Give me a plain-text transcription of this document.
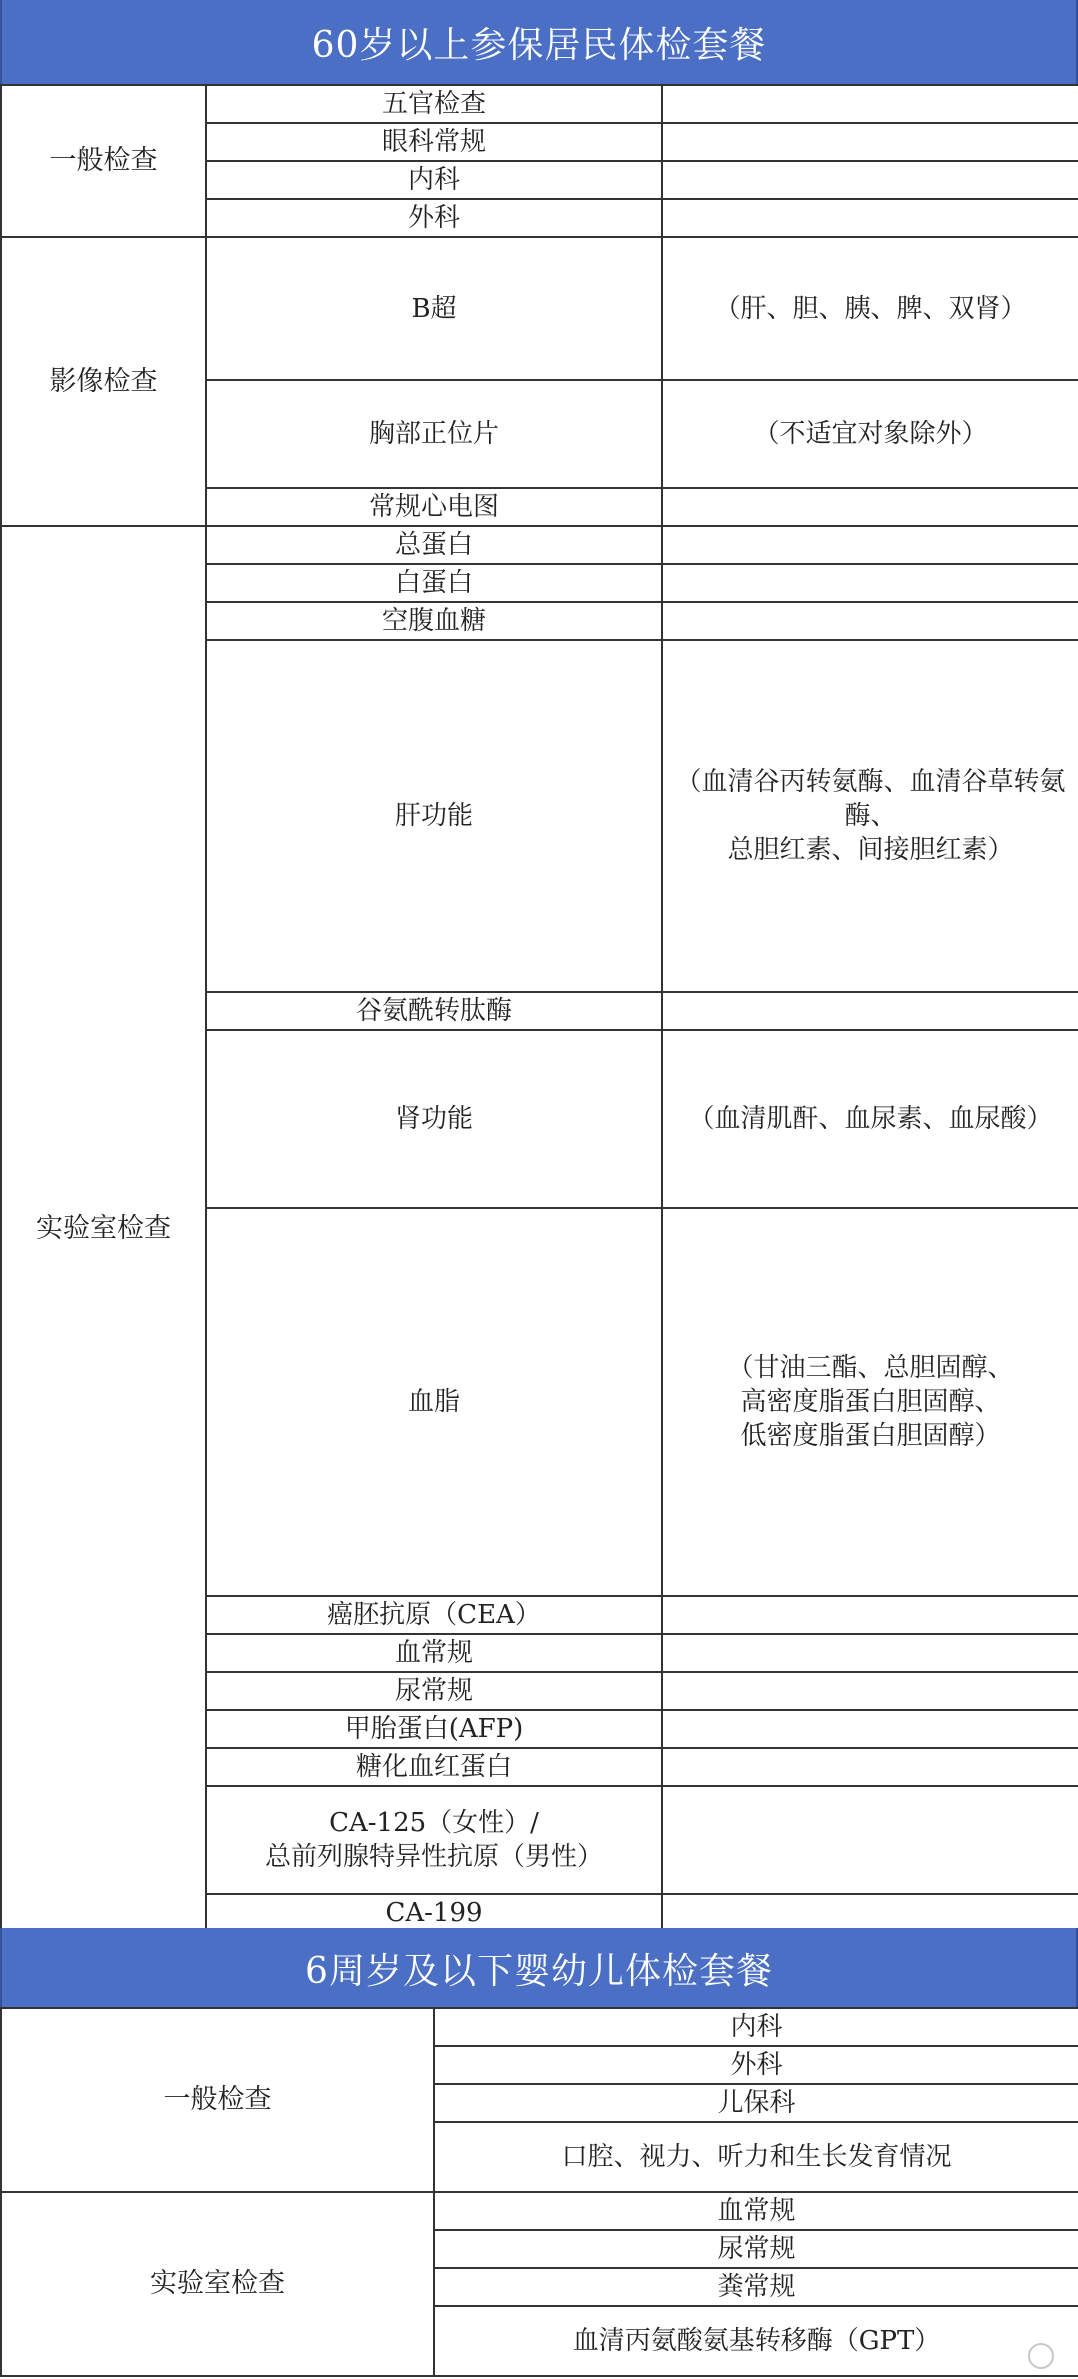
60岁以上参保居民体检套餐
一般检查	五官检查	
	眼科常规	
	内科	
	外科	
影像检查	B超	（肝、胆、胰、脾、双肾）
	胸部正位片	（不适宜对象除外）
	常规心电图	
实验室检查	总蛋白	
	白蛋白	
	空腹血糖	
	肝功能	（血清谷丙转氨酶、血清谷草转氨酶、
总胆红素、间接胆红素）
	谷氨酰转肽酶	
	肾功能	（血清肌酐、血尿素、血尿酸）
	血脂	（甘油三酯、总胆固醇、
高密度脂蛋白胆固醇、
低密度脂蛋白胆固醇）
	癌胚抗原（CEA）	
	血常规	
	尿常规	
	甲胎蛋白(AFP)	
	糖化血红蛋白	
	CA-125（女性）/
总前列腺特异性抗原（男性）	
	CA-199	
6周岁及以下婴幼儿体检套餐
一般检查	内科
	外科
	儿保科
	口腔、视力、听力和生长发育情况
实验室检查	血常规
	尿常规
	粪常规
	血清丙氨酸氨基转移酶（GPT）
